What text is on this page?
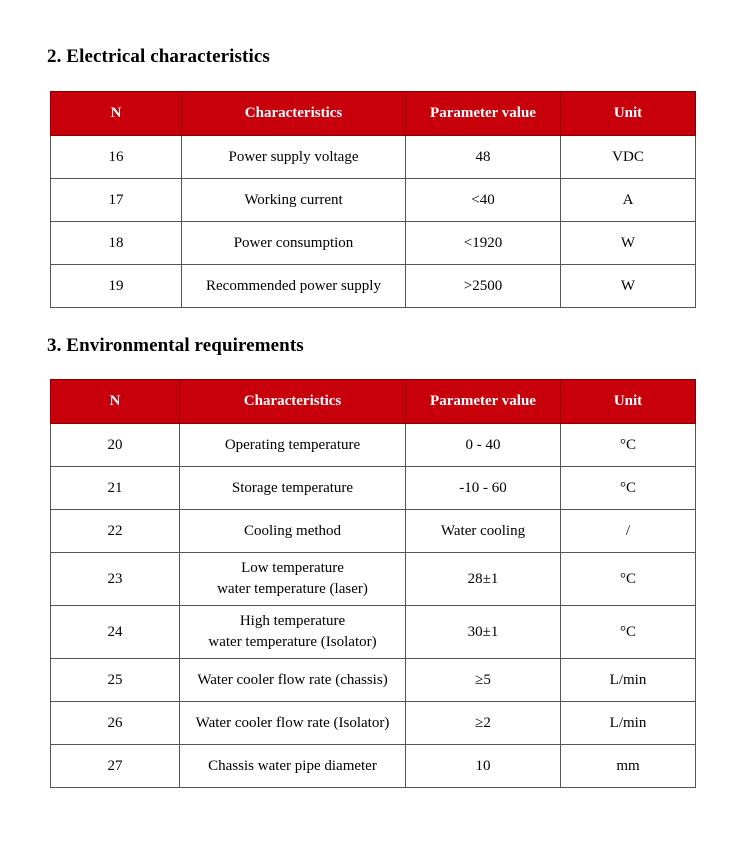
2. Electrical characteristics
N	Characteristics	Parameter value	Unit
16	Power supply voltage	48	VDC
17	Working current	<40	A
18	Power consumption	<1920	W
19	Recommended power supply	>2500	W
3. Environmental requirements
N	Characteristics	Parameter value	Unit
20	Operating temperature	0 - 40	°C
21	Storage temperature	-10 - 60	°C
22	Cooling method	Water cooling	/
23	Low temperature
water temperature (laser)	28±1	°C
24	High temperature
water temperature (Isolator)	30±1	°C
25	Water cooler flow rate (chassis)	≥5	L/min
26	Water cooler flow rate (Isolator)	≥2	L/min
27	Chassis water pipe diameter	10	mm
